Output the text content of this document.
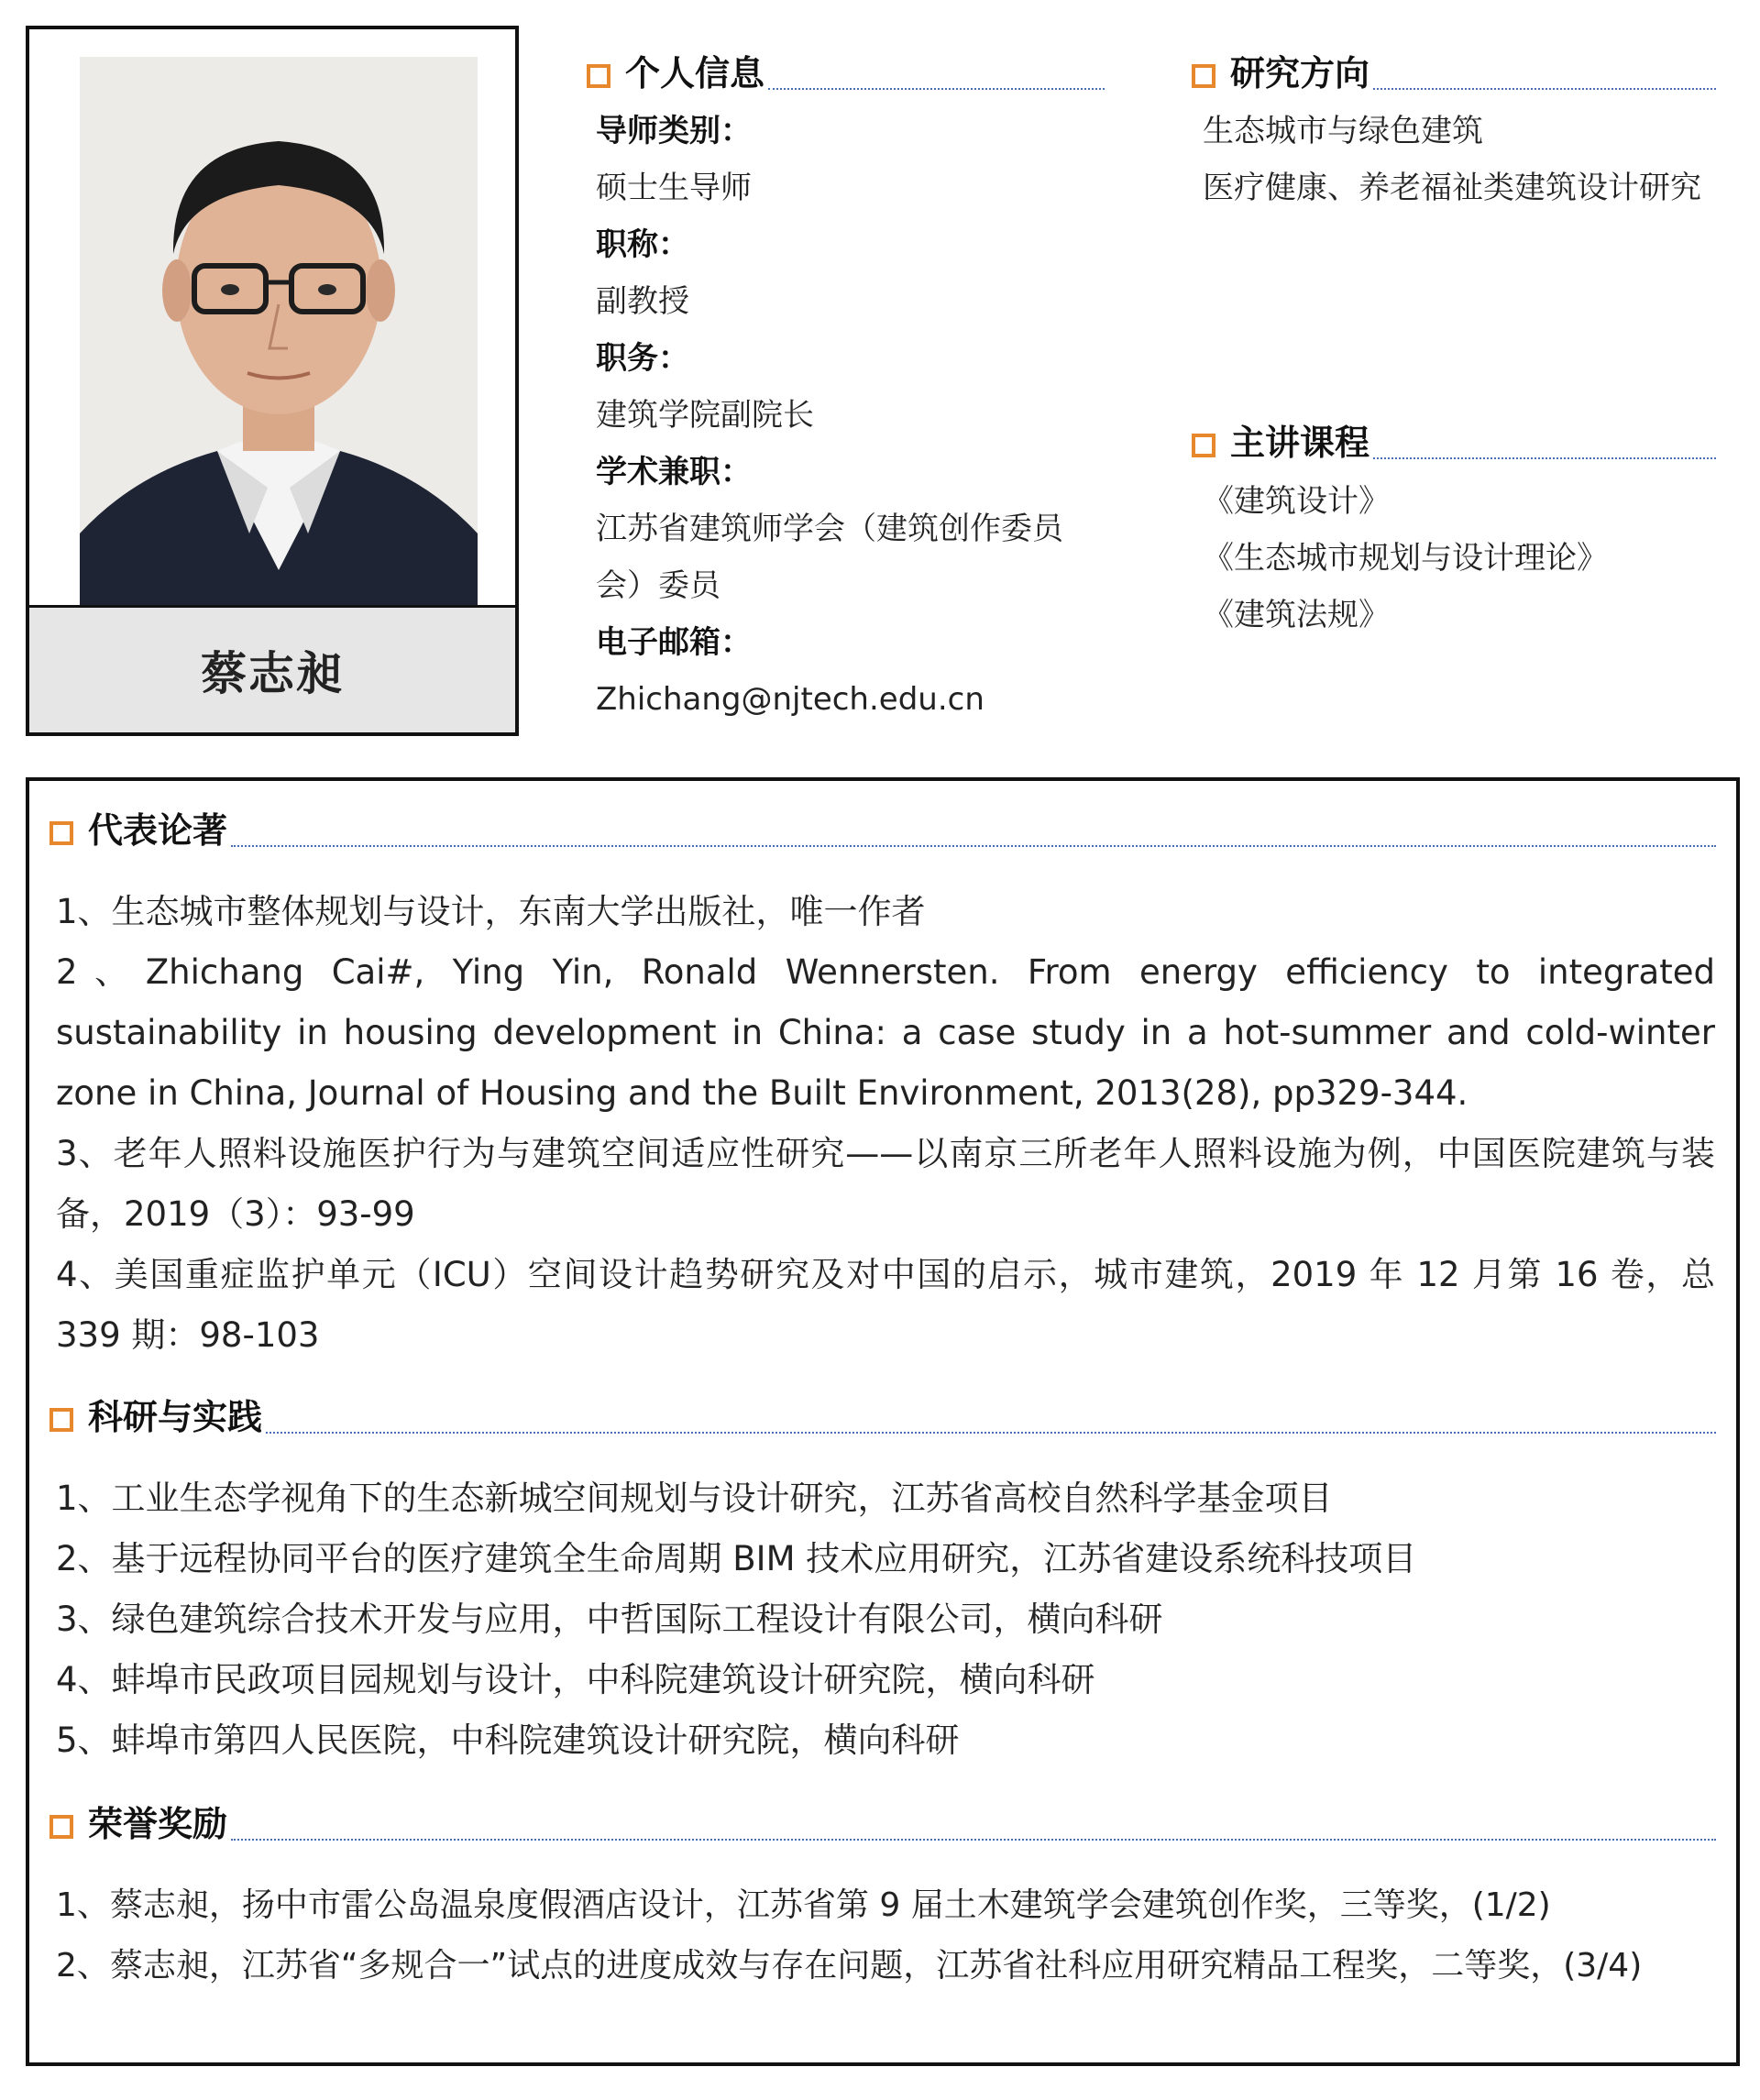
蔡志昶
个人信息
导师类别：
硕士生导师
职称：
副教授
职务：
建筑学院副院长
学术兼职：
江苏省建筑师学会（建筑创作委员会）委员
电子邮箱：
Zhichang@njtech.edu.cn
研究方向
生态城市与绿色建筑
医疗健康、养老福祉类建筑设计研究
主讲课程
《建筑设计》
《生态城市规划与设计理论》
《建筑法规》
代表论著
1、生态城市整体规划与设计，东南大学出版社，唯一作者
2、Zhichang Cai#, Ying Yin, Ronald Wennersten. From energy efficiency to integrated sustainability in housing development in China: a case study in a hot-summer and cold-winter zone in China, Journal of Housing and the Built Environment, 2013(28), pp329-344.
3、老年人照料设施医护行为与建筑空间适应性研究——以南京三所老年人照料设施为例，中国医院建筑与装备，2019（3）：93-99
4、美国重症监护单元（ICU）空间设计趋势研究及对中国的启示，城市建筑，2019 年 12 月第 16 卷，总 339 期：98-103
科研与实践
1、工业生态学视角下的生态新城空间规划与设计研究，江苏省高校自然科学基金项目
2、基于远程协同平台的医疗建筑全生命周期 BIM 技术应用研究，江苏省建设系统科技项目
3、绿色建筑综合技术开发与应用，中哲国际工程设计有限公司，横向科研
4、蚌埠市民政项目园规划与设计，中科院建筑设计研究院，横向科研
5、蚌埠市第四人民医院，中科院建筑设计研究院，横向科研
荣誉奖励
1、蔡志昶，扬中市雷公岛温泉度假酒店设计，江苏省第 9 届土木建筑学会建筑创作奖，三等奖，(1/2)
2、蔡志昶，江苏省“多规合一”试点的进度成效与存在问题，江苏省社科应用研究精品工程奖，二等奖，(3/4)
